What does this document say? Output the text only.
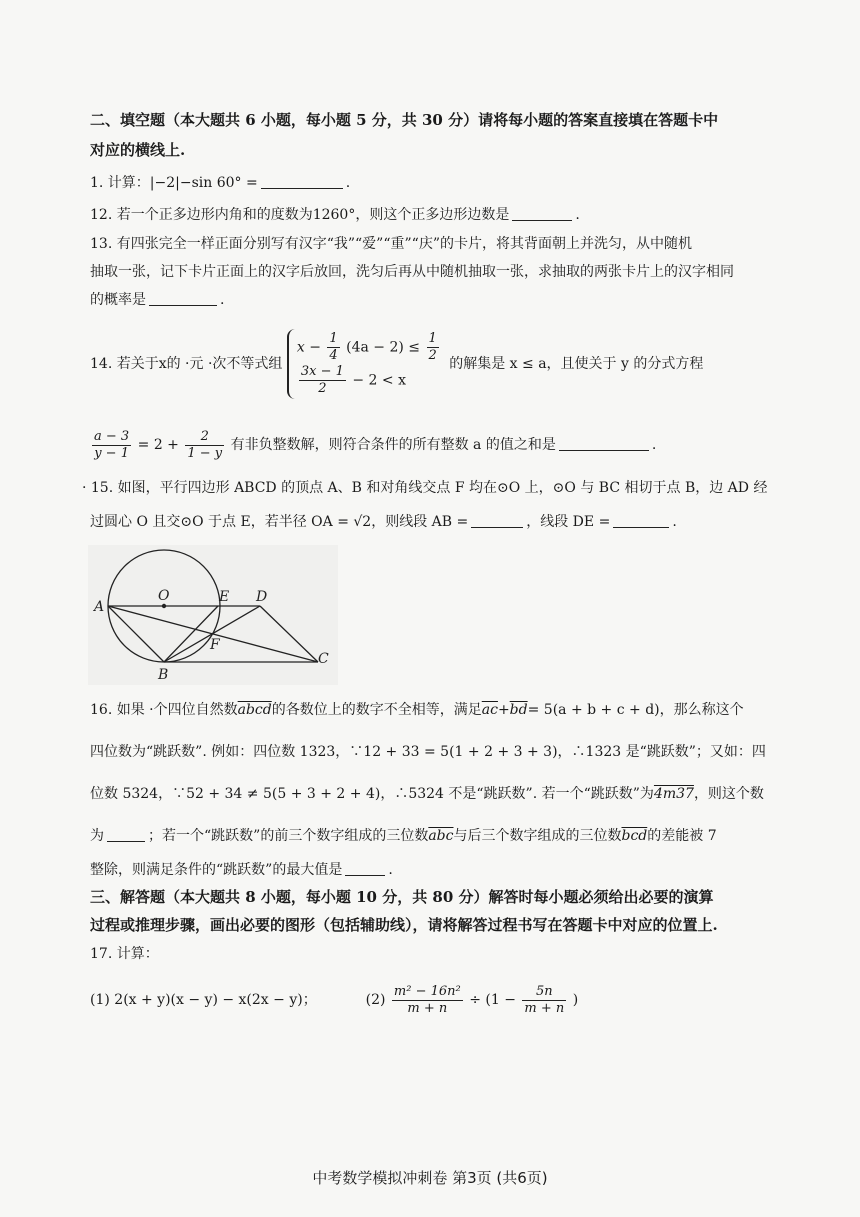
二、填空题（本大题共 6 小题，每小题 5 分，共 30 分）请将每小题的答案直接填在答题卡中
对应的横线上.
1. 计算：|−2|−sin 60° =	.
12. 若一个正多边形内角和的度数为1260°，则这个正多边形边数是	.
13. 有四张完全一样正面分别写有汉字“我”“爱”“重”“庆”的卡片，将其背面朝上并洗匀，从中随机
抽取一张，记下卡片正面上的汉字后放回，洗匀后再从中随机抽取一张，求抽取的两张卡片上的汉字相同
的概率是	.
14. 若关于x的 ·元 ·次不等式组
$x - \frac{1}{4} (4a - 2) \le \frac{1}{2}$
$\frac{3x - 1}{2} - 2 < x$
的解集是 x ≤ a，且使关于 y 的分式方程
$\frac{a - 3}{y - 1} = 2 + \frac{2}{1 - y}$ 有非负整数解，则符合条件的所有整数 a 的值之和是	.
· 15. 如图，平行四边形 ABCD 的顶点 A、B 和对角线交点 F 均在⊙O 上，⊙O 与 BC 相切于点 B，边 AD 经
过圆心 O 且交⊙O 于点 E，若半径 OA = √2，则线段 AB =	，线段 DE =	.
A
O	E D
F
B
C
16. 如果 ·个四位自然数abcd的各数位上的数字不全相等，满足$\overline{ac}+\overline{bd}= 5(a + b + c + d)$，那么称这个
四位数为“跳跃数”. 例如：四位数 1323，∵12 + 33 = 5(1 + 2 + 3 + 3)，∴1323 是“跳跃数”；又如：四
位数 5324，∵52 + 34 ≠ 5(5 + 3 + 2 + 4)，∴5324 不是“跳跃数”. 若一个“跳跃数”为4m37，则这个数
为	；若一个“跳跃数”的前三个数字组成的三位数$\overline{abc}$与后三个数字组成的三位数$\overline{bcd}$的差能被 7
整除，则满足条件的“跳跃数”的最大值是	.
三、解答题（本大题共 8 小题，每小题 10 分，共 80 分）解答时每小题必须给出必要的演算
过程或推理步骤，画出必要的图形（包括辅助线），请将解答过程书写在答题卡中对应的位置上.
17. 计算：
(1) 2(x + y)(x − y) − x(2x − y)；	$(2) \frac{\text{m² − 16n²}}{m + n} \div (1 - \frac{5n}{m + n}$ )
中考数学模拟冲刺卷 第3页 (共6页)
